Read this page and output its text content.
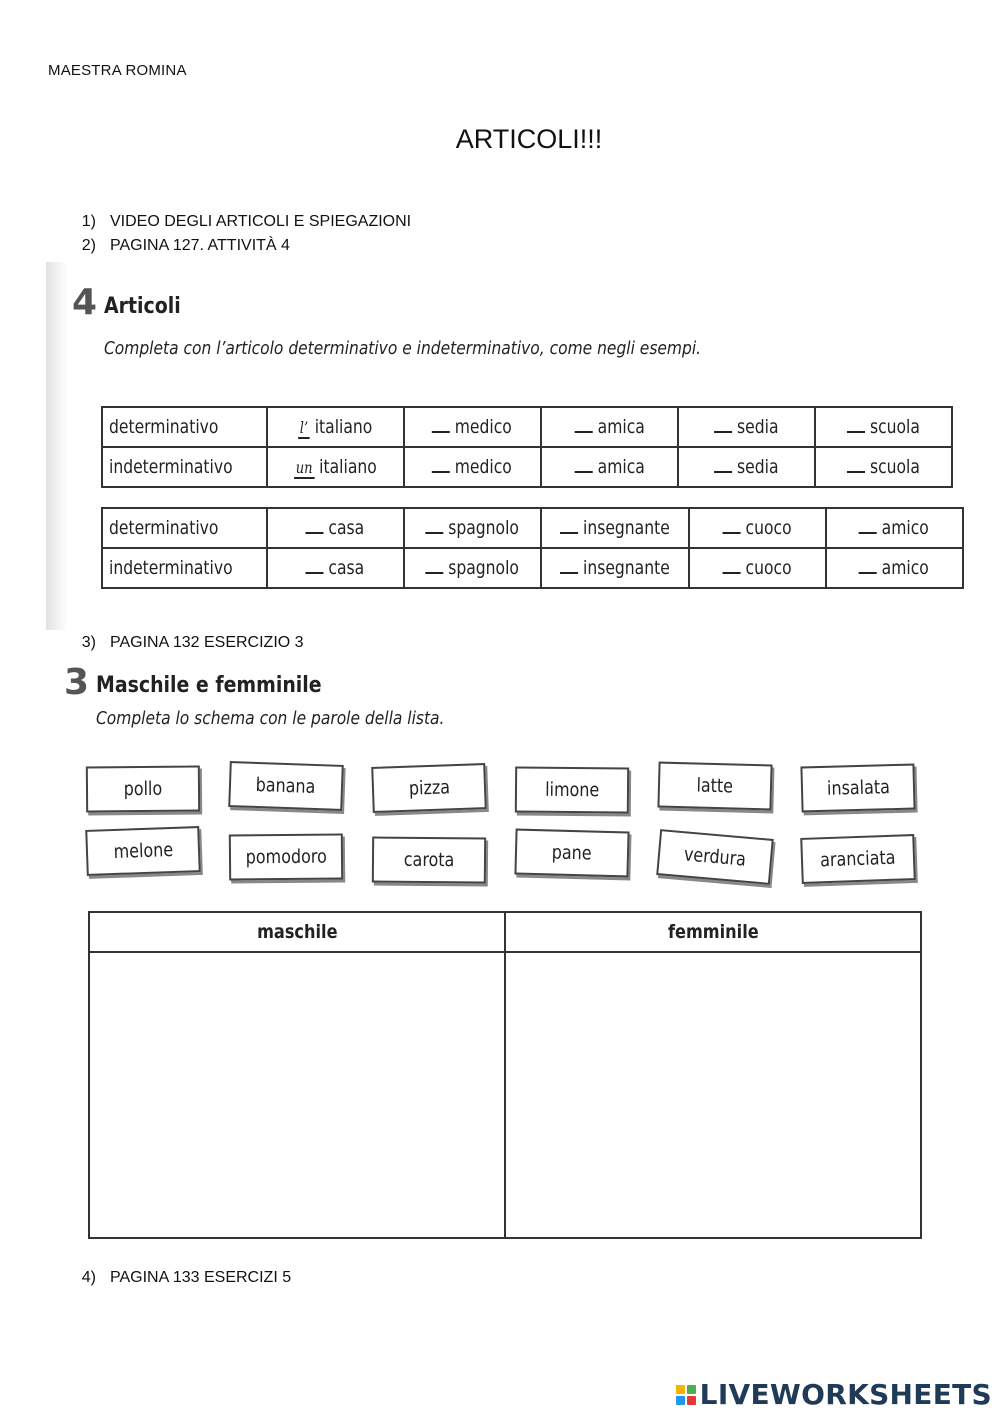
MAESTRA ROMINA
ARTICOLI!!!
1) VIDEO DEGLI ARTICOLI E SPIEGAZIONI
2) PAGINA 127. ATTIVITÀ 4
4 Articoli
Completa con l’articolo determinativo e indeterminativo, come negli esempi.
determinativo	l’ italiano	medico	amica	sedia	scuola
indeterminativo	un italiano	medico	amica	sedia	scuola
determinativo	casa	spagnolo	insegnante	cuoco	amico
indeterminativo	casa	spagnolo	insegnante	cuoco	amico
3) PAGINA 132 ESERCIZIO 3
3 Maschile e femminile
Completa lo schema con le parole della lista.
pollo	banana	pizza	limone	latte	insalata
melone	pomodoro	carota	pane	verdura	aranciata
maschile	femminile
4) PAGINA 133 ESERCIZI 5
LIVEWORKSHEETS
